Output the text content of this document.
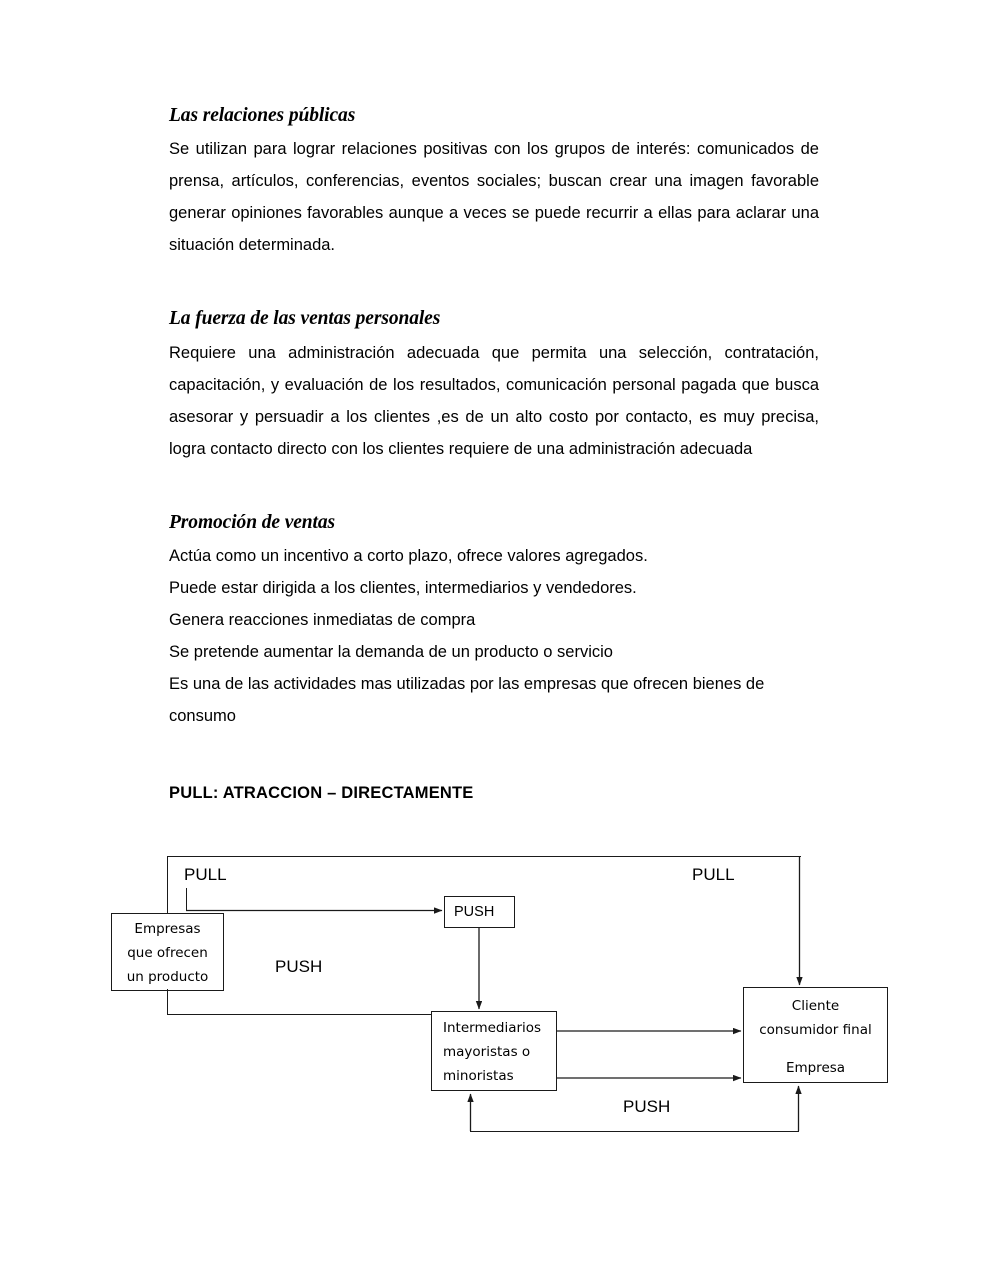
Las relaciones públicas

Se utilizan para lograr relaciones positivas con los grupos de interés: comunicados de prensa, artículos, conferencias, eventos sociales; buscan crear una imagen favorable generar opiniones favorables aunque a veces se puede recurrir a ellas para aclarar una situación determinada.

La fuerza de las ventas personales

Requiere una administración adecuada que permita una selección, contratación, capacitación, y evaluación de los resultados, comunicación personal pagada que busca asesorar y persuadir a los clientes ,es de un alto costo por contacto, es muy precisa, logra contacto directo con los clientes requiere de una administración adecuada

Promoción de ventas

Actúa como un incentivo a corto plazo, ofrece valores agregados.

Puede estar dirigida a los clientes, intermediarios y vendedores.

Genera reacciones inmediatas de compra

Se pretende aumentar la demanda de un producto o servicio

Es una de las actividades mas utilizadas por las empresas que ofrecen bienes de consumo

PULL: ATRACCION – DIRECTAMENTE
Empresas
que ofrecen
un producto
PUSH
Intermediarios
mayoristas o
minoristas
Cliente
consumidor final
Empresa
PULL	PULL
PUSH
PUSH
